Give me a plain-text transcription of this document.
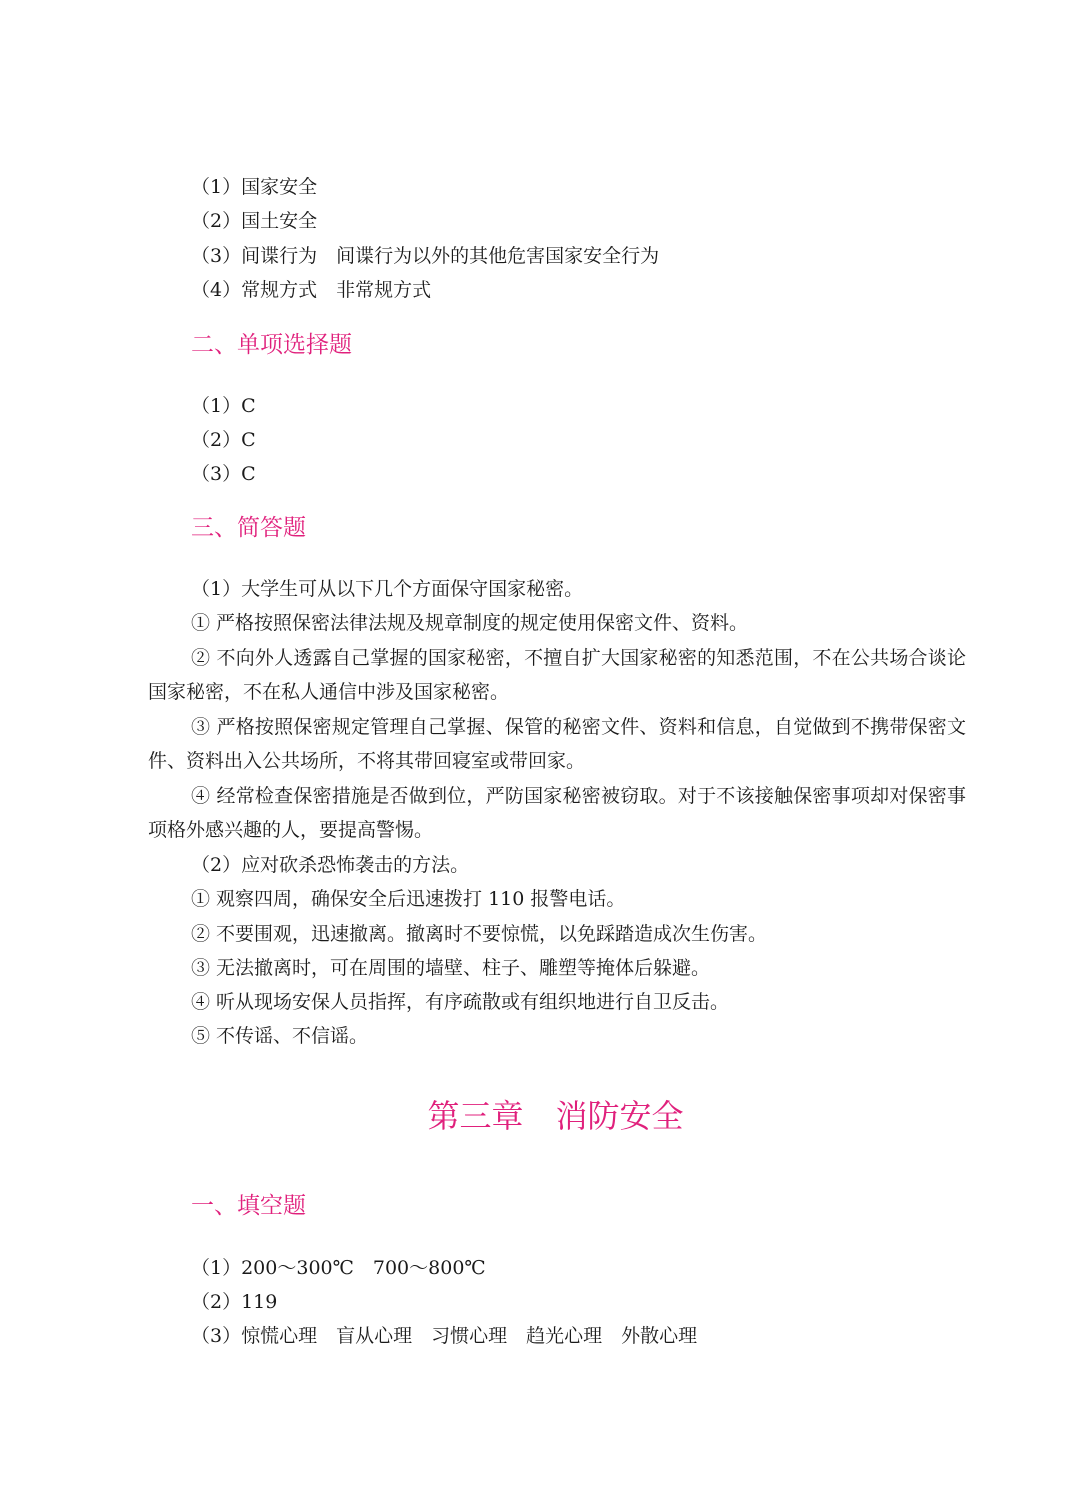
（1）国家安全
（2）国土安全
（3）间谍行为　间谍行为以外的其他危害国家安全行为
（4）常规方式　非常规方式
二、单项选择题
（1）C
（2）C
（3）C
三、简答题
（1）大学生可从以下几个方面保守国家秘密。
① 严格按照保密法律法规及规章制度的规定使用保密文件、资料。
② 不向外人透露自己掌握的国家秘密，不擅自扩大国家秘密的知悉范围，不在公共场合谈论国家秘密，不在私人通信中涉及国家秘密。
③ 严格按照保密规定管理自己掌握、保管的秘密文件、资料和信息，自觉做到不携带保密文件、资料出入公共场所，不将其带回寝室或带回家。
④ 经常检查保密措施是否做到位，严防国家秘密被窃取。对于不该接触保密事项却对保密事项格外感兴趣的人，要提高警惕。
（2）应对砍杀恐怖袭击的方法。
① 观察四周，确保安全后迅速拨打 110 报警电话。
② 不要围观，迅速撤离。撤离时不要惊慌，以免踩踏造成次生伤害。
③ 无法撤离时，可在周围的墙壁、柱子、雕塑等掩体后躲避。
④ 听从现场安保人员指挥，有序疏散或有组织地进行自卫反击。
⑤ 不传谣、不信谣。
第三章　消防安全
一、填空题
（1）200～300℃　700～800℃
（2）119
（3）惊慌心理　盲从心理　习惯心理　趋光心理　外散心理
